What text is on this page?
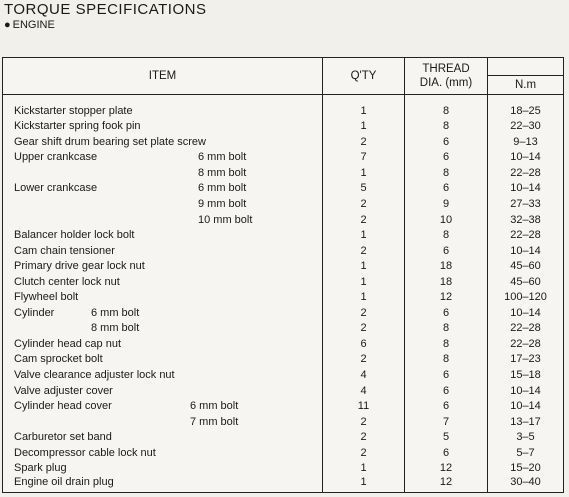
TORQUE SPECIFICATIONS
● ENGINE
ITEM	Q'TY	THREAD DIA. (mm)	N.m

Kickstarter stopper plate	1	8	18–25
Kickstarter spring fook pin	1	8	22–30
Gear shift drum bearing set plate screw	2	6	9–13
Upper crankcase 6 mm bolt	7	6	10–14

8 mm bolt	1	8	22–28
Lower crankcase 6 mm bolt	5	6	10–14

9 mm bolt	2	9	27–33

10 mm bolt	2	10	32–38
Balancer holder lock bolt	1	8	22–28
Cam chain tensioner	2	6	10–14
Primary drive gear lock nut	1	18	45–60
Clutch center lock nut	1	18	45–60
Flywheel bolt	1	12	100–120
Cylinder 6 mm bolt	2	6	10–14

8 mm bolt	2	8	22–28
Cylinder head cap nut	6	8	22–28
Cam sprocket bolt	2	8	17–23
Valve clearance adjuster lock nut	4	6	15–18
Valve adjuster cover	4	6	10–14
Cylinder head cover 6 mm bolt	11	6	10–14

7 mm bolt	2	7	13–17
Carburetor set band	2	5	3–5
Decompressor cable lock nut	2	6	5–7
Spark plug	1	12	15–20
Engine oil drain plug	1	12	30–40
